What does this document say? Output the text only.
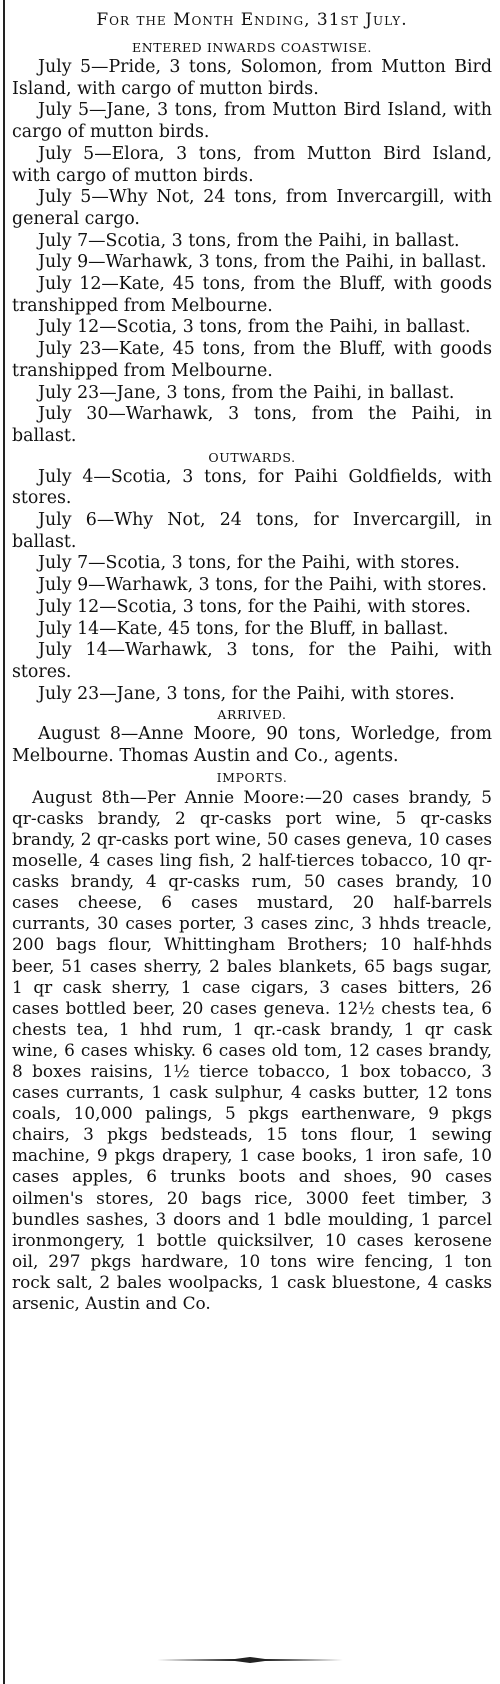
For the Month Ending, 31st July.
ENTERED INWARDS COASTWISE.

July 5—Pride, 3 tons, Solomon, from Mutton Bird Island, with cargo of mutton birds.

July 5—Jane, 3 tons, from Mutton Bird Island, with cargo of mutton birds.

July 5—Elora, 3 tons, from Mutton Bird Island, with cargo of mutton birds.

July 5—Why Not, 24 tons, from Invercargill, with general cargo.

July 7—Scotia, 3 tons, from the Paihi, in ballast.

July 9—Warhawk, 3 tons, from the Paihi, in ballast.

July 12—Kate, 45 tons, from the Bluff, with goods transhipped from Melbourne.

July 12—Scotia, 3 tons, from the Paihi, in ballast.

July 23—Kate, 45 tons, from the Bluff, with goods transhipped from Melbourne.

July 23—Jane, 3 tons, from the Paihi, in ballast.

July 30—Warhawk, 3 tons, from the Paihi, in ballast.

OUTWARDS.

July 4—Scotia, 3 tons, for Paihi Goldfields, with stores.

July 6—Why Not, 24 tons, for Invercargill, in ballast.

July 7—Scotia, 3 tons, for the Paihi, with stores.

July 9—Warhawk, 3 tons, for the Paihi, with stores.

July 12—Scotia, 3 tons, for the Paihi, with stores.

July 14—Kate, 45 tons, for the Bluff, in ballast.

July 14—Warhawk, 3 tons, for the Paihi, with stores.

July 23—Jane, 3 tons, for the Paihi, with stores.

ARRIVED.

August 8—Anne Moore, 90 tons, Worledge, from Melbourne. Thomas Austin and Co., agents.

IMPORTS.

August 8th—Per Annie Moore:—20 cases brandy, 5 qr-casks brandy, 2 qr-casks port wine, 5 qr-casks brandy, 2 qr-casks port wine, 50 cases geneva, 10 cases moselle, 4 cases ling fish, 2 half-tierces tobacco, 10 qr-casks brandy, 4 qr-casks rum, 50 cases brandy, 10 cases cheese, 6 cases mustard, 20 half-barrels currants, 30 cases porter, 3 cases zinc, 3 hhds treacle, 200 bags flour, Whittingham Brothers; 10 half-hhds beer, 51 cases sherry, 2 bales blankets, 65 bags sugar, 1 qr cask sherry, 1 case cigars, 3 cases bitters, 26 cases bottled beer, 20 cases geneva. 12½ chests tea, 6 chests tea, 1 hhd rum, 1 qr.-cask brandy, 1 qr cask wine, 6 cases whisky. 6 cases old tom, 12 cases brandy, 8 boxes raisins, 1½ tierce tobacco, 1 box tobacco, 3 cases currants, 1 cask sulphur, 4 casks butter, 12 tons coals, 10,000 palings, 5 pkgs earthenware, 9 pkgs chairs, 3 pkgs bedsteads, 15 tons flour, 1 sewing machine, 9 pkgs drapery, 1 case books, 1 iron safe, 10 cases apples, 6 trunks boots and shoes, 90 cases oilmen's stores, 20 bags rice, 3000 feet timber, 3 bundles sashes, 3 doors and 1 bdle moulding, 1 parcel ironmongery, 1 bottle quicksilver, 10 cases kerosene oil, 297 pkgs hardware, 10 tons wire fencing, 1 ton rock salt, 2 bales woolpacks, 1 cask bluestone, 4 casks arsenic, Austin and Co.
